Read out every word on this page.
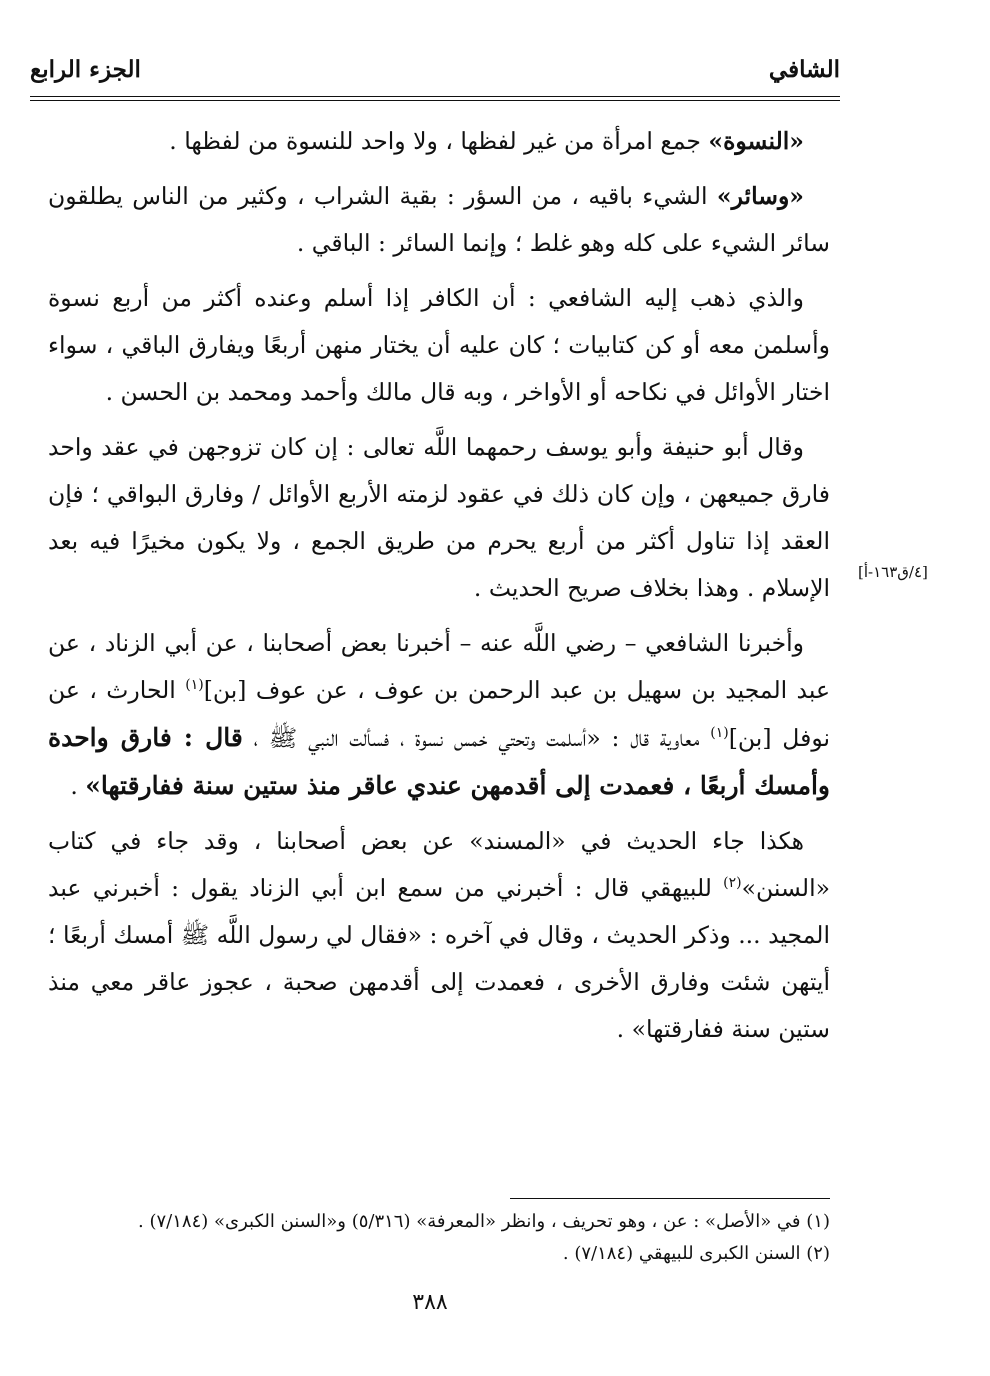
الشافي
الجزء الرابع

«النسوة» جمع امرأة من غير لفظها ، ولا واحد للنسوة من لفظها .

«وسائر» الشيء باقيه ، من السؤر : بقية الشراب ، وكثير من الناس يطلقون سائر الشيء على كله وهو غلط ؛ وإنما السائر : الباقي .

والذي ذهب إليه الشافعي : أن الكافر إذا أسلم وعنده أكثر من أربع نسوة وأسلمن معه أو كن كتابيات ؛ كان عليه أن يختار منهن أربعًا ويفارق الباقي ، سواء اختار الأوائل في نكاحه أو الأواخر ، وبه قال مالك وأحمد ومحمد بن الحسن .

وقال أبو حنيفة وأبو يوسف رحمهما اللَّه تعالى : إن كان تزوجهن في عقد واحد فارق جميعهن ، وإن كان ذلك في عقود لزمته الأربع الأوائل / وفارق البواقي ؛ فإن العقد إذا تناول أكثر من أربع يحرم من طريق الجمع ، ولا يكون مخيرًا فيه بعد الإسلام . وهذا بخلاف صريح الحديث .

وأخبرنا الشافعي – رضي اللَّه عنه – أخبرنا بعض أصحابنا ، عن أبي الزناد ، عن عبد المجيد بن سهيل بن عبد الرحمن بن عوف ، عن عوف [بن]$^{(١)}$ الحارث ، عن نوفل [بن]$^{(١)}$ معاوية قال : «أسلمت وتحتي خمس نسوة ، فسألت النبي ﷺ ، قال : فارق واحدة وأمسك أربعًا ، فعمدت إلى أقدمهن عندي عاقر منذ ستين سنة ففارقتها» .

هكذا جاء الحديث في «المسند» عن بعض أصحابنا ، وقد جاء في كتاب «السنن»$^{(٢)}$ للبيهقي قال : أخبرني من سمع ابن أبي الزناد يقول : أخبرني عبد المجيد ... وذكر الحديث ، وقال في آخره : «فقال لي رسول اللَّه ﷺ أمسك أربعًا ؛ أيتهن شئت وفارق الأخرى ، فعمدت إلى أقدمهن صحبة ، عجوز عاقر معي منذ ستين سنة ففارقتها» .

[٤/ق١٦٣-أ]
(١) في «الأصل» : عن ، وهو تحريف ، وانظر «المعرفة» (٥/٣١٦) و«السنن الكبرى» (٧/١٨٤) .
(٢) السنن الكبرى للبيهقي (٧/١٨٤) .
٣٨٨
